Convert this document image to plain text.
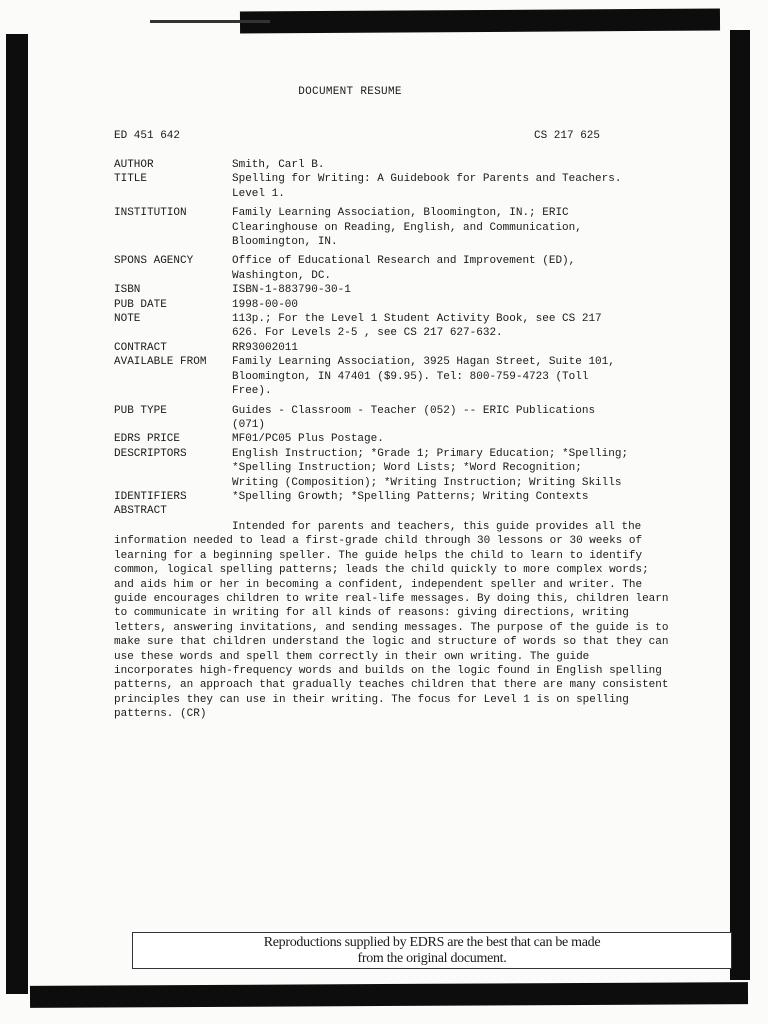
DOCUMENT RESUME
ED 451 642	CS 217 625
AUTHOR	Smith, Carl B.
TITLE	Spelling for Writing: A Guidebook for Parents and Teachers.
Level 1.
INSTITUTION	Family Learning Association, Bloomington, IN.; ERIC
Clearinghouse on Reading, English, and Communication,
Bloomington, IN.
SPONS AGENCY	Office of Educational Research and Improvement (ED),
Washington, DC.
ISBN	ISBN-1-883790-30-1
PUB DATE	1998-00-00
NOTE	113p.; For the Level 1 Student Activity Book, see CS 217
626. For Levels 2-5 , see CS 217 627-632.
CONTRACT	RR93002011
AVAILABLE FROM	Family Learning Association, 3925 Hagan Street, Suite 101,
Bloomington, IN 47401 ($9.95). Tel: 800-759-4723 (Toll
Free).
PUB TYPE	Guides - Classroom - Teacher (052) -- ERIC Publications
(071)
EDRS PRICE	MF01/PC05 Plus Postage.
DESCRIPTORS	English Instruction; *Grade 1; Primary Education; *Spelling;
*Spelling Instruction; Word Lists; *Word Recognition;
Writing (Composition); *Writing Instruction; Writing Skills
IDENTIFIERS	*Spelling Growth; *Spelling Patterns; Writing Contexts
ABSTRACT
Intended for parents and teachers, this guide provides all the information needed to lead a first-grade child through 30 lessons or 30 weeks of learning for a beginning speller. The guide helps the child to learn to identify common, logical spelling patterns; leads the child quickly to more complex words; and aids him or her in becoming a confident, independent speller and writer. The guide encourages children to write real-life messages. By doing this, children learn to communicate in writing for all kinds of reasons: giving directions, writing letters, answering invitations, and sending messages. The purpose of the guide is to make sure that children understand the logic and structure of words so that they can use these words and spell them correctly in their own writing. The guide incorporates high-frequency words and builds on the logic found in English spelling patterns, an approach that gradually teaches children that there are many consistent principles they can use in their writing. The focus for Level 1 is on spelling patterns. (CR)
Reproductions supplied by EDRS are the best that can be made
from the original document.
